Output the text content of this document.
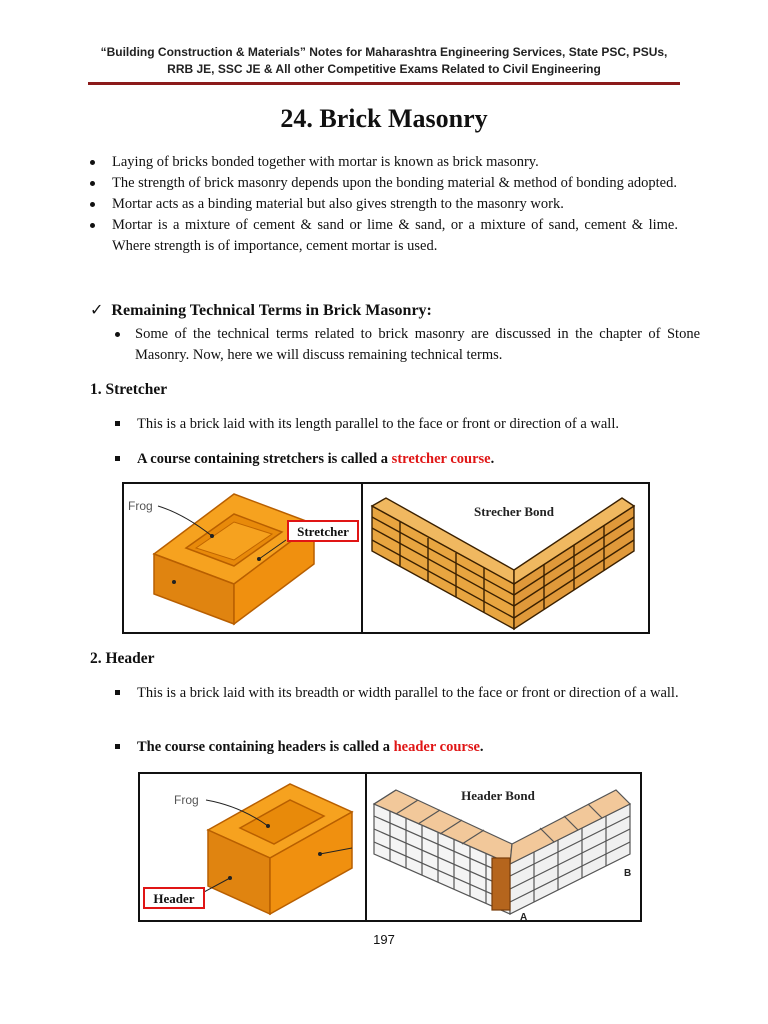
“Building Construction & Materials” Notes for Maharashtra Engineering Services, State PSC, PSUs,
RRB JE, SSC JE & All other Competitive Exams Related to Civil Engineering
24. Brick Masonry
Laying of bricks bonded together with mortar is known as brick masonry.
The strength of brick masonry depends upon the bonding material & method of bonding adopted.
Mortar acts as a binding material but also gives strength to the masonry work.
Mortar is a mixture of cement & sand or lime & sand, or a mixture of sand, cement & lime. Where strength is of importance, cement mortar is used.
✓ Remaining Technical Terms in Brick Masonry:
Some of the technical terms related to brick masonry are discussed in the chapter of Stone Masonry. Now, here we will discuss remaining technical terms.
1. Stretcher
This is a brick laid with its length parallel to the face or front or direction of a wall.
A course containing stretchers is called a stretcher course.
Frog
Stretcher
Strecher Bond
2. Header
This is a brick laid with its breadth or width parallel to the face or front or direction of a wall.
The course containing headers is called a header course.
Frog
Header
Header Bond
A
B
197
